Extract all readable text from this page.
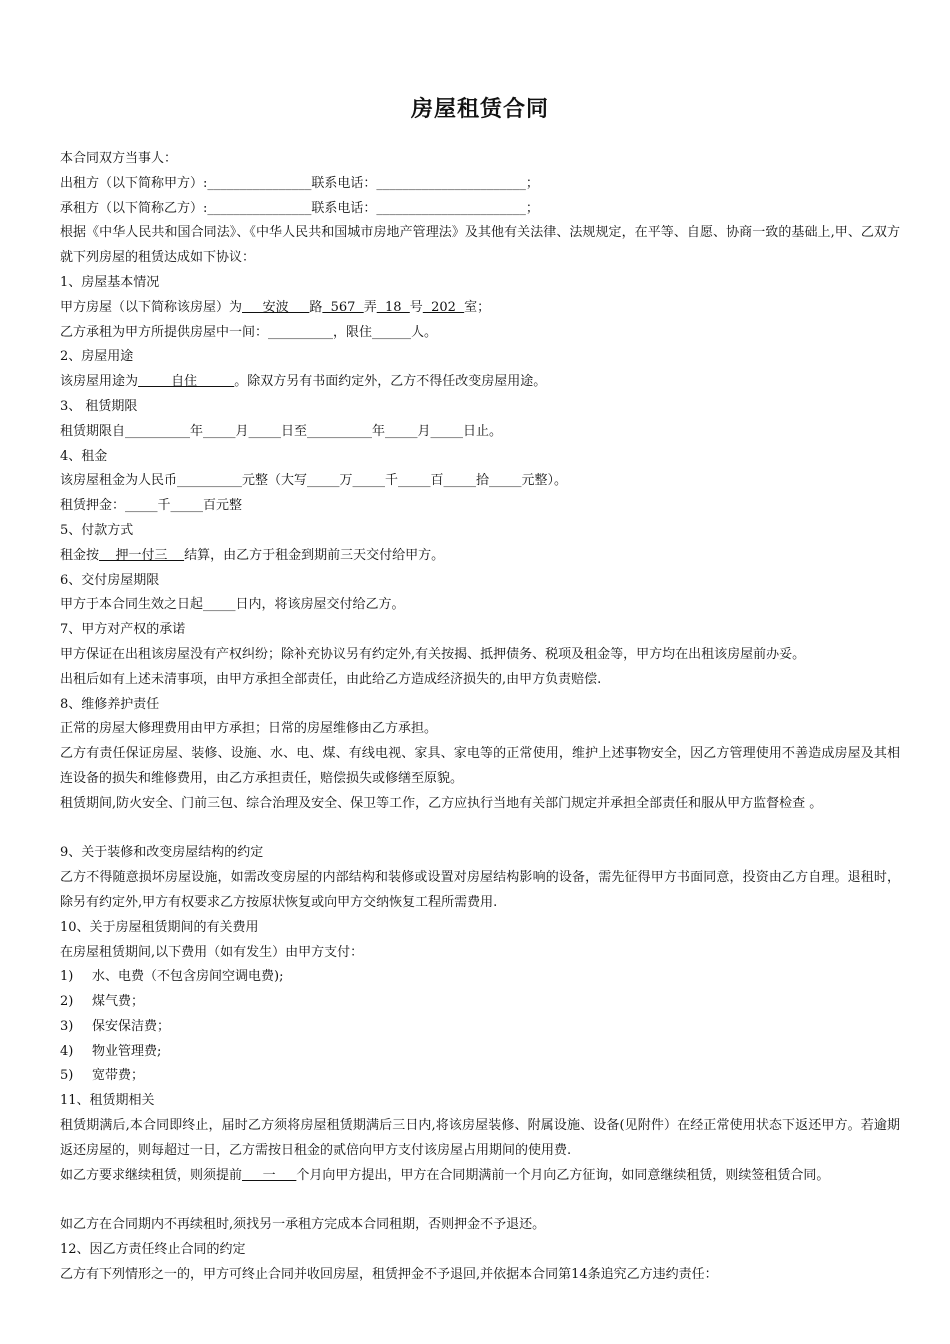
房屋租赁合同
本合同双方当事人：
出租方（以下简称甲方）:________________联系电话：_______________________；
承租方（以下简称乙方）:________________联系电话：_______________________；
根据《中华人民共和国合同法》、《中华人民共和国城市房地产管理法》及其他有关法律、法规规定，在平等、自愿、协商一致的基础上,甲、乙双方就下列房屋的租赁达成如下协议：
1、房屋基本情况
甲方房屋（以下简称该房屋）为     安波     路  567  弄  18  号  202  室；
乙方承租为甲方所提供房屋中一间：__________，限住______人。
2、房屋用途
该房屋用途为        自住         。除双方另有书面约定外，乙方不得任改变房屋用途。
3、 租赁期限
租赁期限自__________年_____月_____日至__________年_____月_____日止。
4、租金
该房屋租金为人民币__________元整（大写_____万_____千_____百_____拾_____元整）。
租赁押金：_____千_____百元整
5、付款方式
租金按    押一付三    结算，由乙方于租金到期前三天交付给甲方。
6、交付房屋期限
甲方于本合同生效之日起_____日内，将该房屋交付给乙方。
7、甲方对产权的承诺
甲方保证在出租该房屋没有产权纠纷；除补充协议另有约定外,有关按揭、抵押债务、税项及租金等，甲方均在出租该房屋前办妥。
出租后如有上述未清事项，由甲方承担全部责任，由此给乙方造成经济损失的,由甲方负责赔偿.
8、维修养护责任
正常的房屋大修理费用由甲方承担；日常的房屋维修由乙方承担。
乙方有责任保证房屋、装修、设施、水、电、煤、有线电视、家具、家电等的正常使用，维护上述事物安全，因乙方管理使用不善造成房屋及其相连设备的损失和维修费用，由乙方承担责任，赔偿损失或修缮至原貌。
租赁期间,防火安全、门前三包、综合治理及安全、保卫等工作，乙方应执行当地有关部门规定并承担全部责任和服从甲方监督检查 。
9、关于装修和改变房屋结构的约定
乙方不得随意损坏房屋设施，如需改变房屋的内部结构和装修或设置对房屋结构影响的设备，需先征得甲方书面同意，投资由乙方自理。退租时，除另有约定外,甲方有权要求乙方按原状恢复或向甲方交纳恢复工程所需费用.
10、关于房屋租赁期间的有关费用
在房屋租赁期间,以下费用（如有发生）由甲方支付：
1) 水、电费（不包含房间空调电费);
2) 煤气费；
3) 保安保洁费；
4) 物业管理费;
5) 宽带费；
11、租赁期相关
租赁期满后,本合同即终止，届时乙方须将房屋租赁期满后三日内,将该房屋装修、附属设施、设备(见附件）在经正常使用状态下返还甲方。若逾期返还房屋的，则每超过一日，乙方需按日租金的贰倍向甲方支付该房屋占用期间的使用费.
如乙方要求继续租赁，则须提前     一     个月向甲方提出，甲方在合同期满前一个月向乙方征询，如同意继续租赁，则续签租赁合同。
如乙方在合同期内不再续租时,须找另一承租方完成本合同租期，否则押金不予退还。
12、因乙方责任终止合同的约定
乙方有下列情形之一的，甲方可终止合同并收回房屋，租赁押金不予退回,并依据本合同第14条追究乙方违约责任：
